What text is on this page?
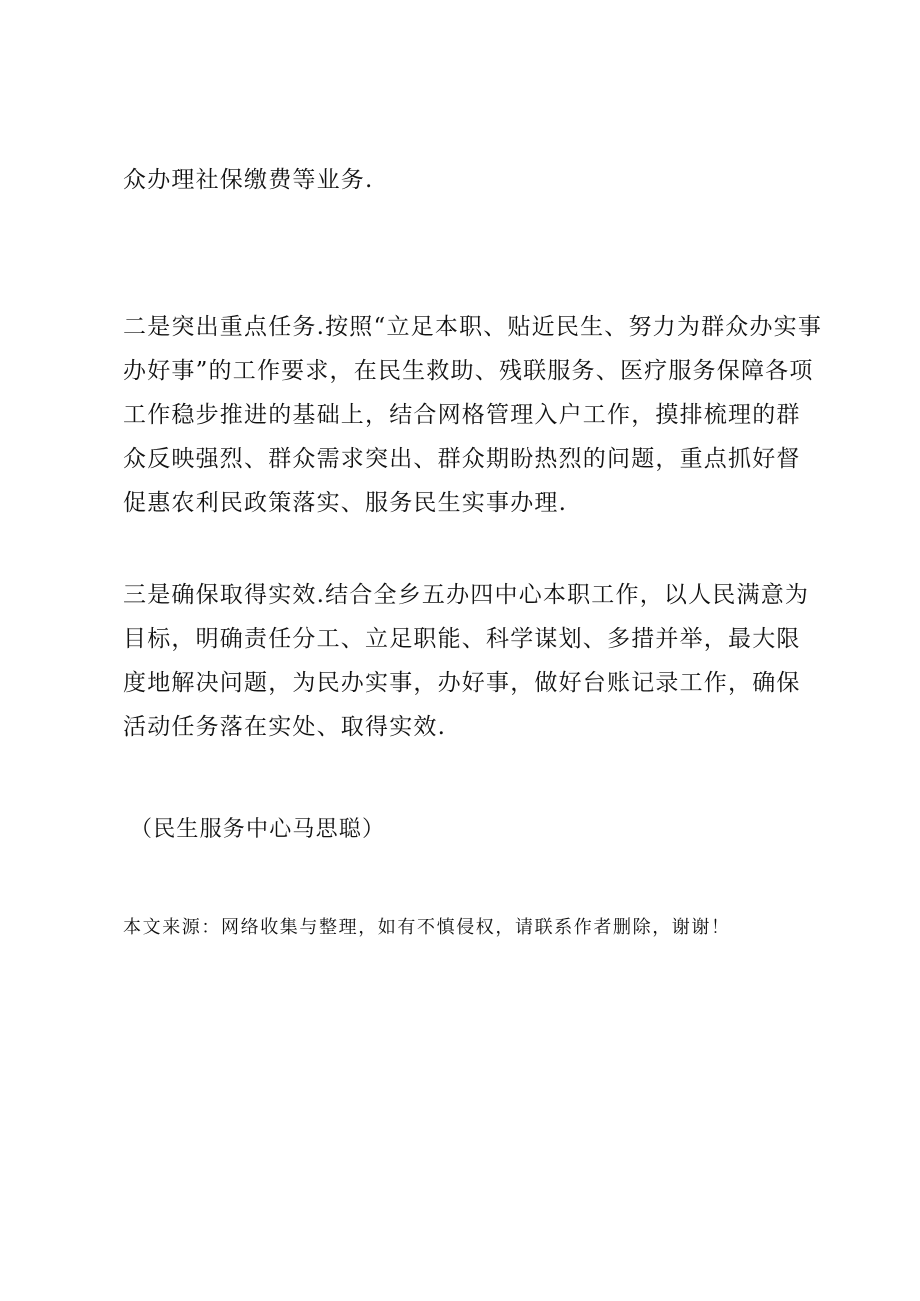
众办理社保缴费等业务.

二是突出重点任务.按照“立足本职、贴近民生、努力为群众办实事办好事”的工作要求，在民生救助、残联服务、医疗服务保障各项工作稳步推进的基础上，结合网格管理入户工作，摸排梳理的群众反映强烈、群众需求突出、群众期盼热烈的问题，重点抓好督促惠农利民政策落实、服务民生实事办理.

三是确保取得实效.结合全乡五办四中心本职工作，以人民满意为目标，明确责任分工、立足职能、科学谋划、多措并举，最大限度地解决问题，为民办实事，办好事，做好台账记录工作，确保活动任务落在实处、取得实效.

（民生服务中心马思聪）

本文来源：网络收集与整理，如有不慎侵权，请联系作者删除，谢谢！
